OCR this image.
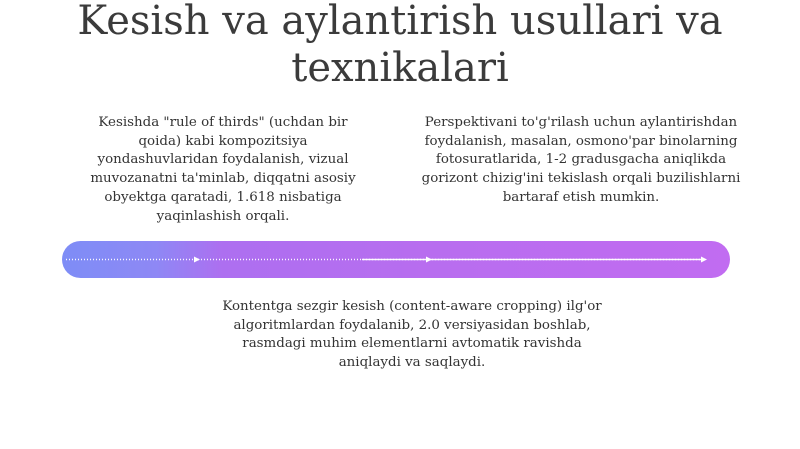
Kesish va aylantirish usullari va texnikalari
Kesishda "rule of thirds" (uchdan bir qoida) kabi kompozitsiya yondashuvlaridan foydalanish, vizual muvozanatni ta'minlab, diqqatni asosiy obyektga qaratadi, 1.618 nisbatiga yaqinlashish orqali.
Perspektivani to'g'rilash uchun aylantirishdan foydalanish, masalan, osmono'par binolarning fotosuratlarida, 1-2 gradusgacha aniqlikda gorizont chizig'ini tekislash orqali buzilishlarni bartaraf etish mumkin.
Kontentga sezgir kesish (content-aware cropping) ilg'or algoritmlardan foydalanib, 2.0 versiyasidan boshlab, rasmdagi muhim elementlarni avtomatik ravishda aniqlaydi va saqlaydi.
